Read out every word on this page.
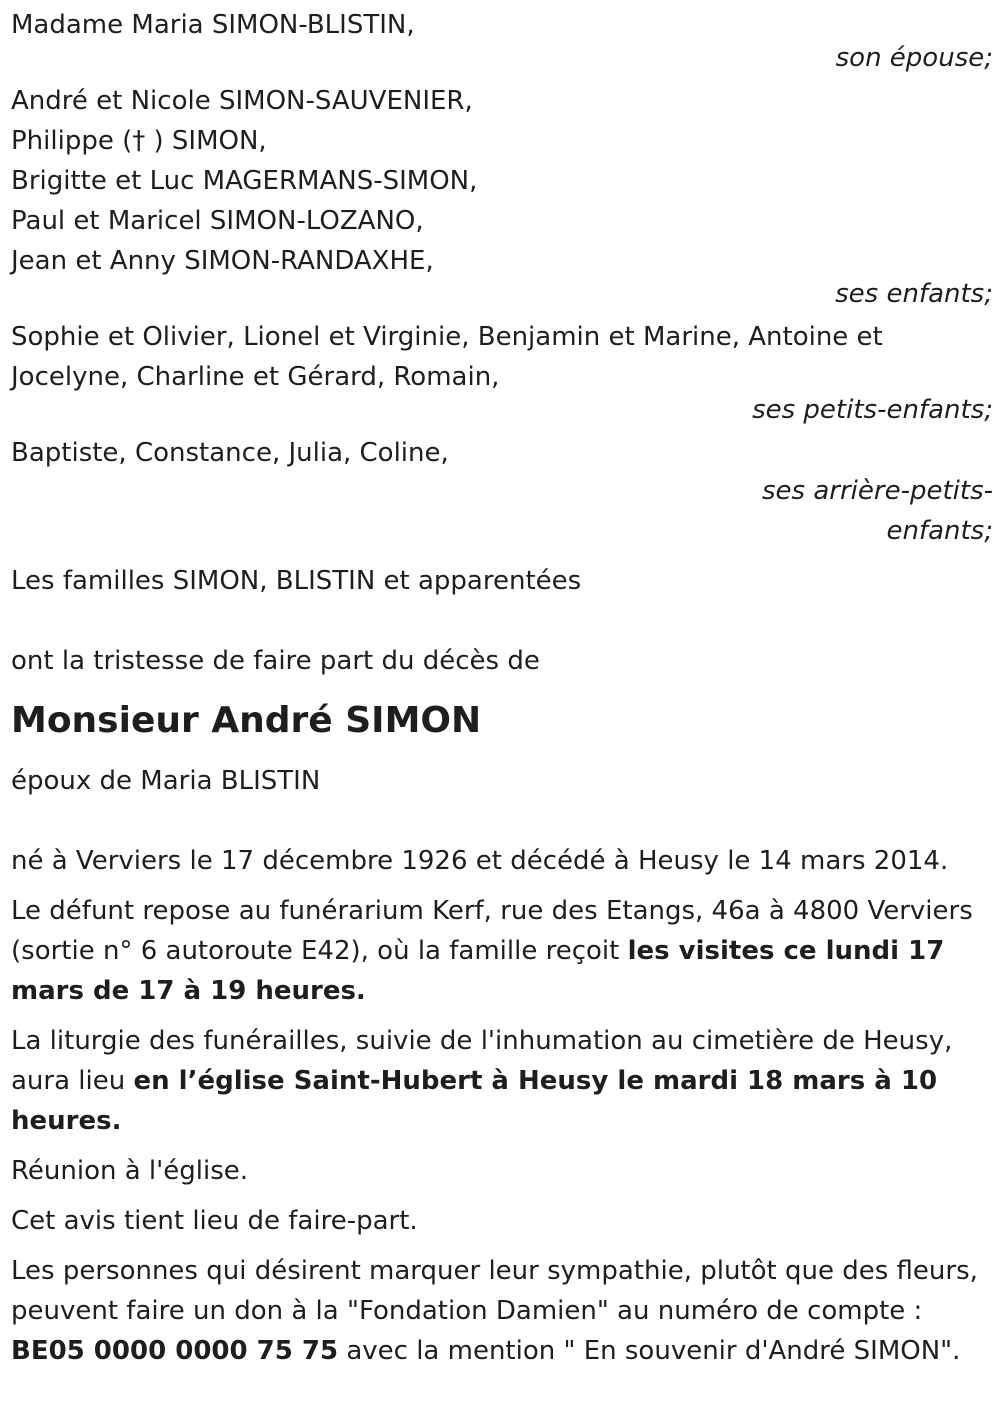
Madame Maria SIMON-BLISTIN,

son épouse;

André et Nicole SIMON-SAUVENIER,

Philippe († ) SIMON,

Brigitte et Luc MAGERMANS-SIMON,

Paul et Maricel SIMON-LOZANO,

Jean et Anny SIMON-RANDAXHE,

ses enfants;

Sophie et Olivier, Lionel et Virginie, Benjamin et Marine, Antoine et Jocelyne, Charline et Gérard, Romain,

ses petits-enfants;

Baptiste, Constance, Julia, Coline,

ses arrière-petits-
enfants;

Les familles SIMON, BLISTIN et apparentées

ont la tristesse de faire part du décès de

Monsieur André SIMON

époux de Maria BLISTIN

né à Verviers le 17 décembre 1926 et décédé à Heusy le 14 mars 2014.

Le défunt repose au funérarium Kerf, rue des Etangs, 46a à 4800 Verviers (sortie n° 6 autoroute E42), où la famille reçoit les visites ce lundi 17 mars de 17 à 19 heures.

La liturgie des funérailles, suivie de l'inhumation au cimetière de Heusy, aura lieu en l’église Saint-Hubert à Heusy le mardi 18 mars à 10 heures.

Réunion à l'église.

Cet avis tient lieu de faire-part.

Les personnes qui désirent marquer leur sympathie, plutôt que des fleurs, peuvent faire un don à la "Fondation Damien" au numéro de compte : BE05 0000 0000 75 75 avec la mention " En souvenir d'André SIMON".
